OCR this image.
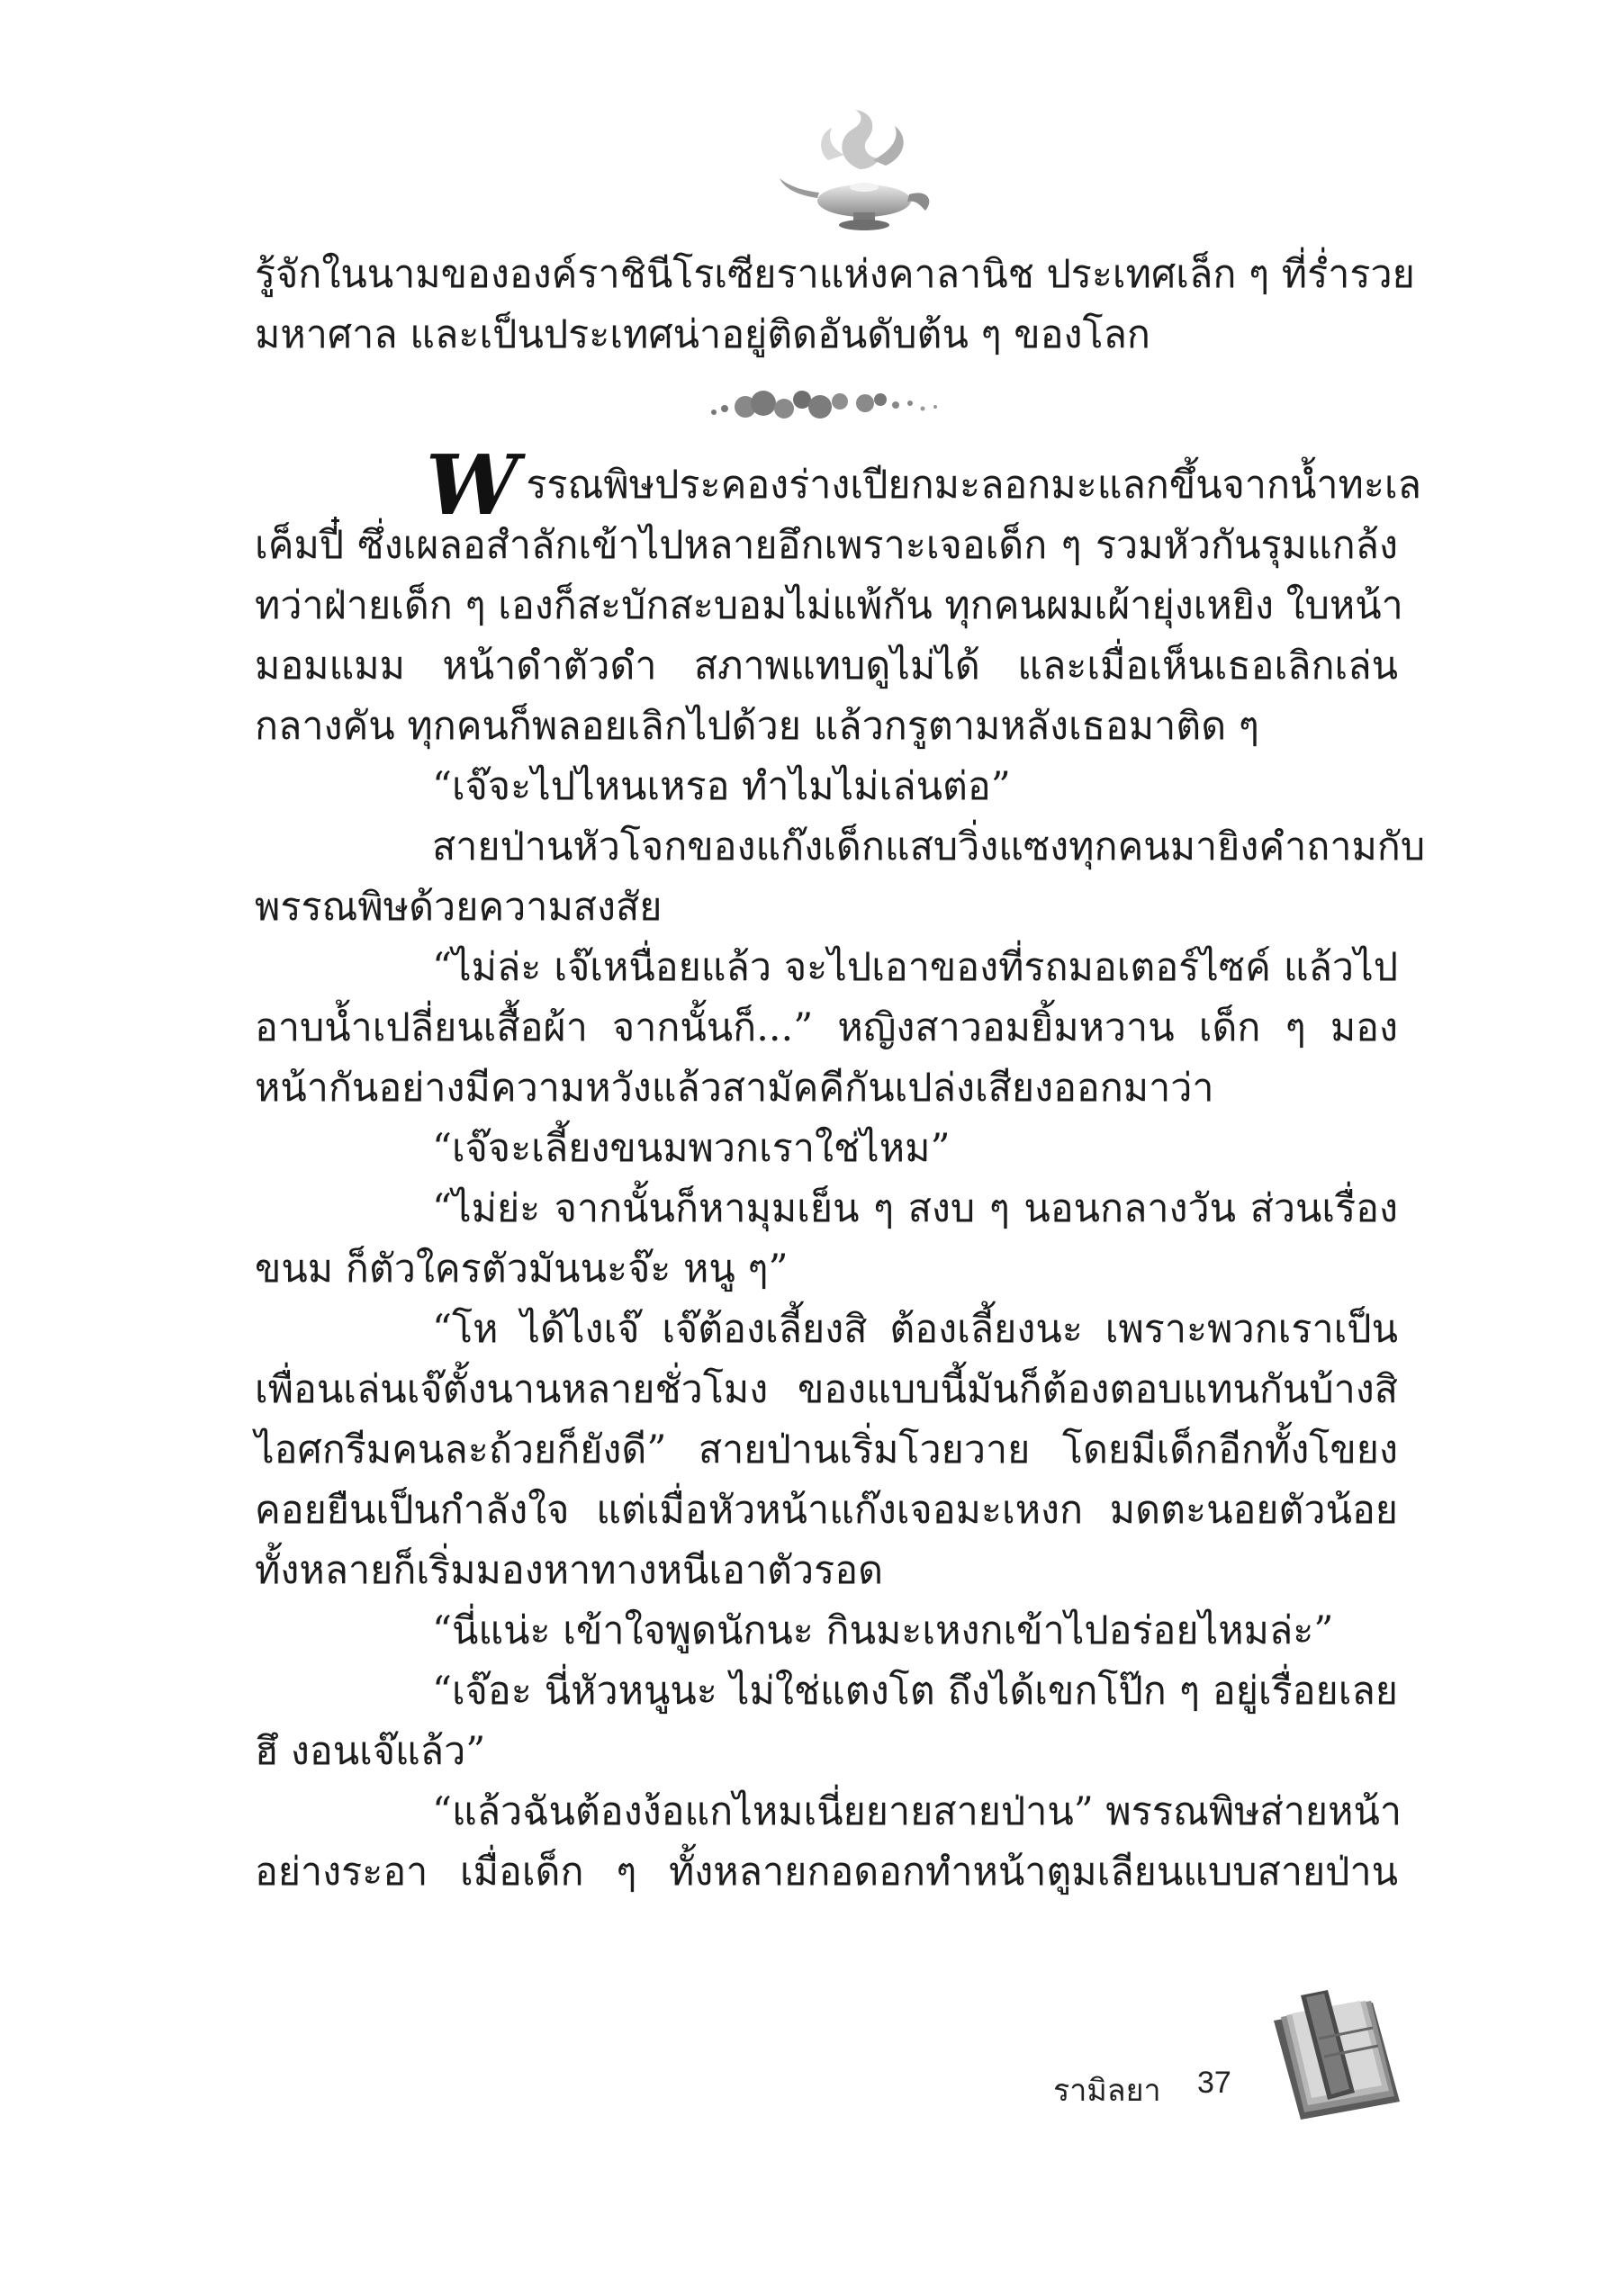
รู้จักในนามขององค์ราชินีโรเซียราแห่งคาลานิช ประเทศเล็ก ๆ ที่ร่ำรวย
มหาศาล และเป็นประเทศน่าอยู่ติดอันดับต้น ๆ ของโลก
W รรณพิษประคองร่างเปียกมะลอกมะแลกขึ้นจากน้ำทะเล
เค็มปี๋ ซึ่งเผลอสำลักเข้าไปหลายอึกเพราะเจอเด็ก ๆ รวมหัวกันรุมแกล้ง
ทว่าฝ่ายเด็ก ๆ เองก็สะบักสะบอมไม่แพ้กัน ทุกคนผมเผ้ายุ่งเหยิง ใบหน้า
มอมแมม หน้าดำตัวดำ สภาพแทบดูไม่ได้ และเมื่อเห็นเธอเลิกเล่น
กลางคัน ทุกคนก็พลอยเลิกไปด้วย แล้วกรูตามหลังเธอมาติด ๆ
“เจ๊จะไปไหนเหรอ ทำไมไม่เล่นต่อ”
สายป่านหัวโจกของแก๊งเด็กแสบวิ่งแซงทุกคนมายิงคำถามกับ
พรรณพิษด้วยความสงสัย
“ไม่ล่ะ เจ๊เหนื่อยแล้ว จะไปเอาของที่รถมอเตอร์ไซค์ แล้วไป
อาบน้ำเปลี่ยนเสื้อผ้า จากนั้นก็...” หญิงสาวอมยิ้มหวาน เด็ก ๆ มอง
หน้ากันอย่างมีความหวังแล้วสามัคคีกันเปล่งเสียงออกมาว่า
“เจ๊จะเลี้ยงขนมพวกเราใช่ไหม”
“ไม่ย่ะ จากนั้นก็หามุมเย็น ๆ สงบ ๆ นอนกลางวัน ส่วนเรื่อง
ขนม ก็ตัวใครตัวมันนะจ๊ะ หนู ๆ”
“โห ได้ไงเจ๊ เจ๊ต้องเลี้ยงสิ ต้องเลี้ยงนะ เพราะพวกเราเป็น
เพื่อนเล่นเจ๊ตั้งนานหลายชั่วโมง ของแบบนี้มันก็ต้องตอบแทนกันบ้างสิ
ไอศกรีมคนละถ้วยก็ยังดี” สายป่านเริ่มโวยวาย โดยมีเด็กอีกทั้งโขยง
คอยยืนเป็นกำลังใจ แต่เมื่อหัวหน้าแก๊งเจอมะเหงก มดตะนอยตัวน้อย
ทั้งหลายก็เริ่มมองหาทางหนีเอาตัวรอด
“นี่แน่ะ เข้าใจพูดนักนะ กินมะเหงกเข้าไปอร่อยไหมล่ะ”
“เจ๊อะ นี่หัวหนูนะ ไม่ใช่แตงโต ถึงได้เขกโป๊ก ๆ อยู่เรื่อยเลย
ฮึ งอนเจ๊แล้ว”
“แล้วฉันต้องง้อแกไหมเนี่ยยายสายป่าน” พรรณพิษส่ายหน้า
อย่างระอา เมื่อเด็ก ๆ ทั้งหลายกอดอกทำหน้าตูมเลียนแบบสายป่าน
รามิลยา 37
